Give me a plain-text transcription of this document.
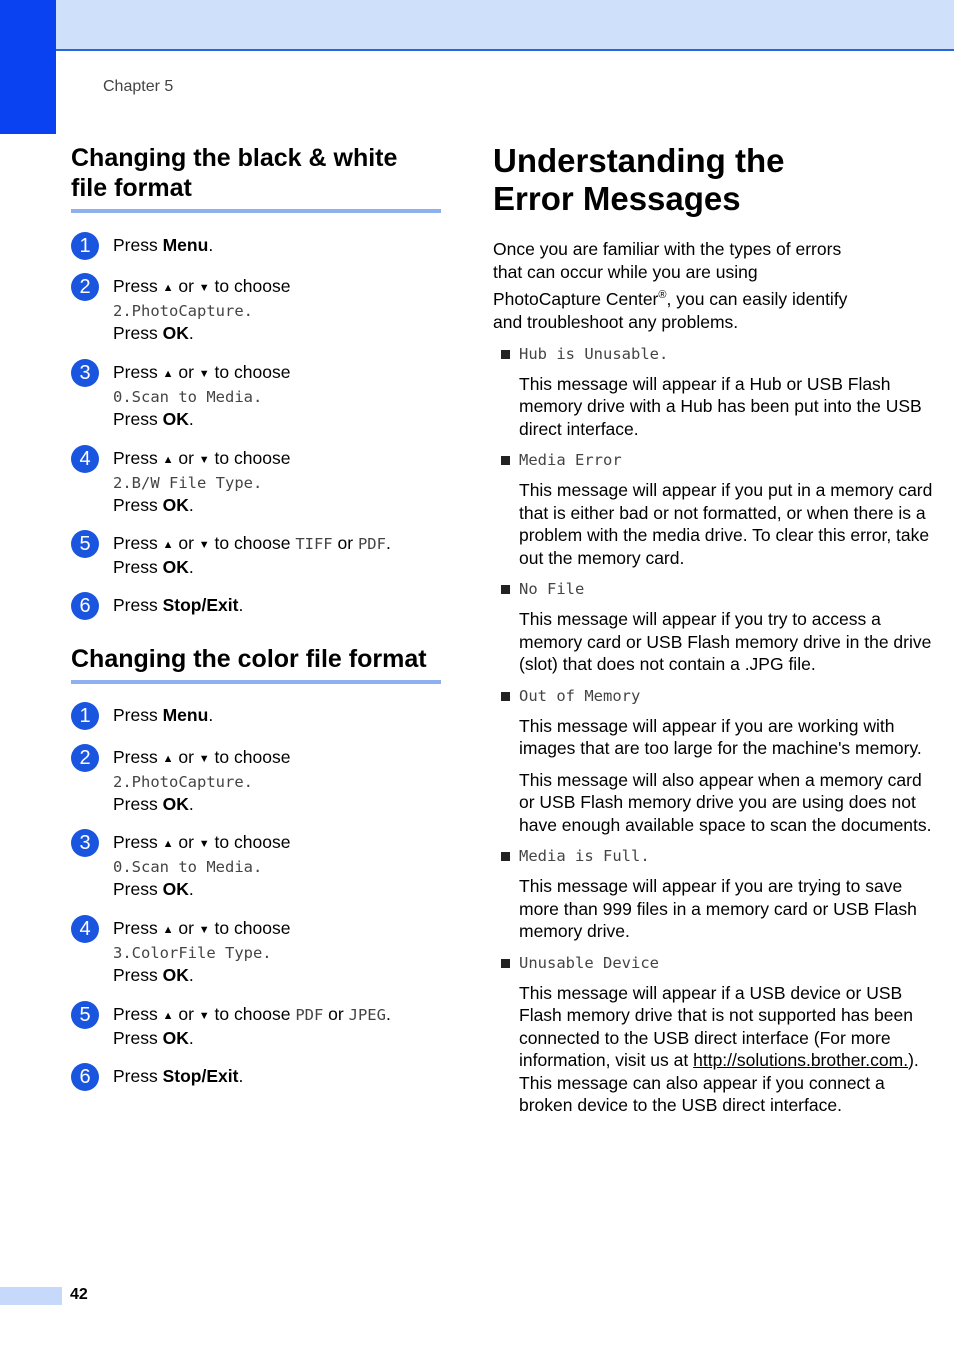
Chapter 5
Changing the black & white
file format
1	Press Menu.
2	Press ▲ or ▼ to choose
2.PhotoCapture.
Press OK.
3	Press ▲ or ▼ to choose
0.Scan to Media.
Press OK.
4	Press ▲ or ▼ to choose
2.B/W File Type.
Press OK.
5	Press ▲ or ▼ to choose TIFF or PDF.
Press OK.
6	Press Stop/Exit.
Changing the color file format
1	Press Menu.
2	Press ▲ or ▼ to choose
2.PhotoCapture.
Press OK.
3	Press ▲ or ▼ to choose
0.Scan to Media.
Press OK.
4	Press ▲ or ▼ to choose
3.ColorFile Type.
Press OK.
5	Press ▲ or ▼ to choose PDF or JPEG.
Press OK.
6	Press Stop/Exit.
Understanding the
Error Messages
Once you are familiar with the types of errors that can occur while you are using PhotoCapture Center®, you can easily identify and troubleshoot any problems.
Hub is Unusable.
This message will appear if a Hub or USB Flash memory drive with a Hub has been put into the USB direct interface.
Media Error
This message will appear if you put in a memory card that is either bad or not formatted, or when there is a problem with the media drive. To clear this error, take out the memory card.
No File
This message will appear if you try to access a memory card or USB Flash memory drive in the drive (slot) that does not contain a .JPG file.
Out of Memory
This message will appear if you are working with images that are too large for the machine's memory.
This message will also appear when a memory card or USB Flash memory drive you are using does not have enough available space to scan the documents.
Media is Full.
This message will appear if you are trying to save more than 999 files in a memory card or USB Flash memory drive.
Unusable Device
This message will appear if a USB device or USB Flash memory drive that is not supported has been connected to the USB direct interface (For more information, visit us at http://solutions.brother.com.). This message can also appear if you connect a broken device to the USB direct interface.
42
